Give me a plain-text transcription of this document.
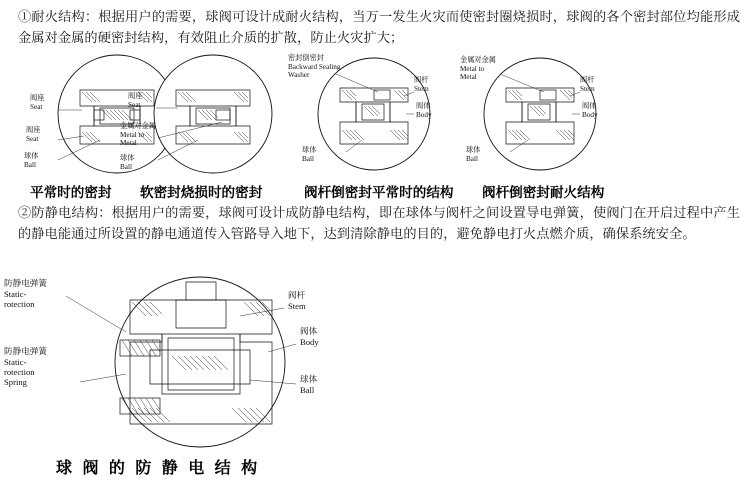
①耐火结构：根据用户的需要，球阀可设计成耐火结构，当万一发生火灾而使密封圈烧损时，球阀的各个密封部位均能形成金属对金属的硬密封结构，有效阻止介质的扩散，防止火灾扩大；
阀座
Seat
阀座
Seat
球体
Ball
阀座
Seat
金属对金属
Metal to
Metal
球体
Ball
密封倒密封
Backward Sealing
Washer	阀杆
Stem
阀体
Body
球体
Ball
金属对金属
Metal to
Metal	阀杆
Stem
阀体
Body
球体
Ball
平常时的密封 软密封烧损时的密封	阀杆倒密封平常时的结构 阀杆倒密封耐火结构
②防静电结构：根据用户的需要，球阀可设计成防静电结构，即在球体与阀杆之间设置导电弹簧，使阀门在开启过程中产生的静电能通过所设置的静电通道传入管路导入地下，达到清除静电的目的，避免静电打火点燃介质，确保系统安全。
防静电弹簧
Static-
rotection
防静电弹簧
Static-
rotection
Spring
阀杆
Stem
阀体
Body
球体
Ball
球 阀 的 防 静 电 结 构
